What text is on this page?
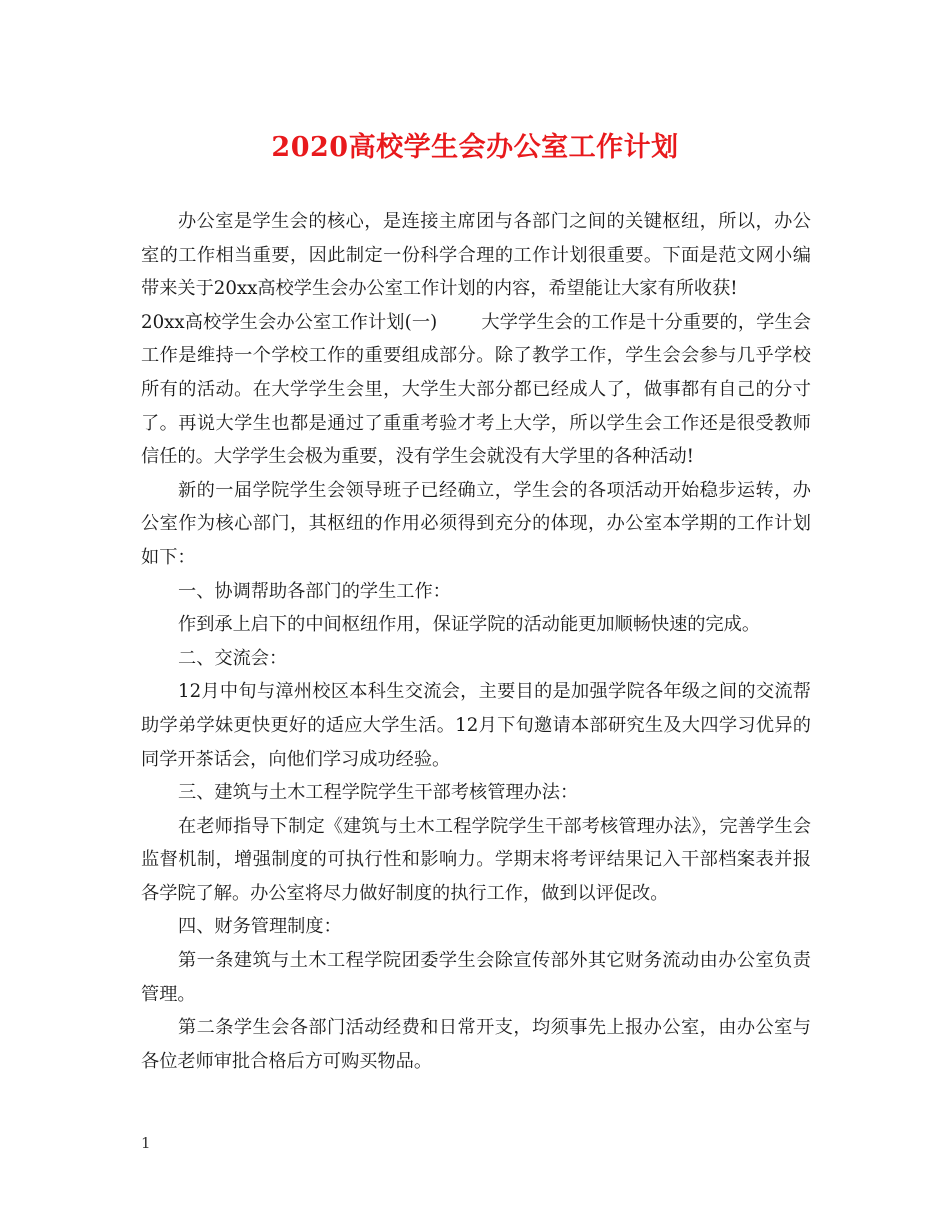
2020高校学生会办公室工作计划

办公室是学生会的核心，是连接主席团与各部门之间的关键枢纽，所以，办公室的工作相当重要，因此制定一份科学合理的工作计划很重要。下面是范文网小编带来关于20xx高校学生会办公室工作计划的内容，希望能让大家有所收获!

20xx高校学生会办公室工作计划(一) 大学学生会的工作是十分重要的，学生会工作是维持一个学校工作的重要组成部分。除了教学工作，学生会会参与几乎学校所有的活动。在大学学生会里，大学生大部分都已经成人了，做事都有自己的分寸了。再说大学生也都是通过了重重考验才考上大学，所以学生会工作还是很受教师信任的。大学学生会极为重要，没有学生会就没有大学里的各种活动!

新的一届学院学生会领导班子已经确立，学生会的各项活动开始稳步运转，办公室作为核心部门，其枢纽的作用必须得到充分的体现，办公室本学期的工作计划如下：

一、协调帮助各部门的学生工作：

作到承上启下的中间枢纽作用，保证学院的活动能更加顺畅快速的完成。

二、交流会：

12月中旬与漳州校区本科生交流会，主要目的是加强学院各年级之间的交流帮助学弟学妹更快更好的适应大学生活。12月下旬邀请本部研究生及大四学习优异的同学开茶话会，向他们学习成功经验。

三、建筑与土木工程学院学生干部考核管理办法：

在老师指导下制定《建筑与土木工程学院学生干部考核管理办法》，完善学生会监督机制，增强制度的可执行性和影响力。学期末将考评结果记入干部档案表并报各学院了解。办公室将尽力做好制度的执行工作，做到以评促改。

四、财务管理制度：

第一条建筑与土木工程学院团委学生会除宣传部外其它财务流动由办公室负责管理。

第二条学生会各部门活动经费和日常开支，均须事先上报办公室，由办公室与各位老师审批合格后方可购买物品。

1
